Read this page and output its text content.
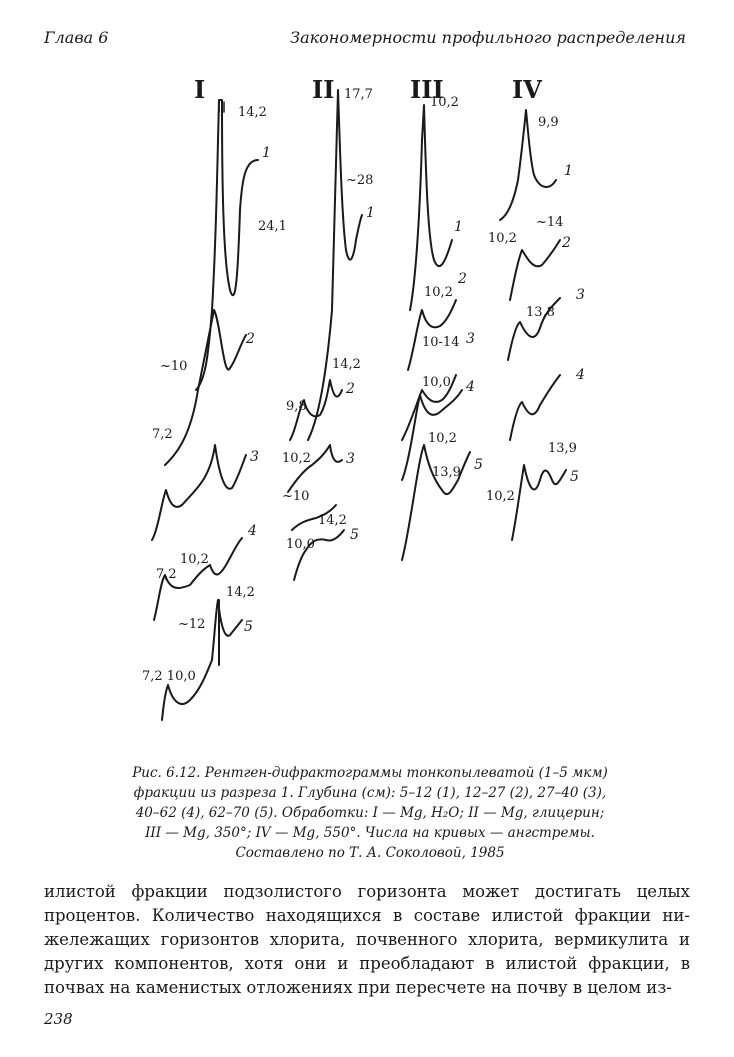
Глава 6	Закономерности профильного распределения
I	II	III	IV
14,2
24,1
~10
7,2
10,2
7,2
14,2
~12
7,2 10,0
1
2
3
4
5
17,7
~28
14,2
9,8
10,2
~10
14,2
10,0
1
2
3
5
10,2
10,2
10-14
10,0
10,2
13,9
1
2
3
4
5
9,9
~14
10,2
13,8
13,9
10,2
1
2
3
4
5
Рис. 6.12. Рентген-дифрактограммы тонкопылеватой (1–5 мкм)
фракции из разреза 1. Глубина (см): 5–12 (1), 12–27 (2), 27–40 (3),
40–62 (4), 62–70 (5). Обработки: I — Mg, H₂O; II — Mg, глицерин;
III — Mg, 350°; IV — Mg, 550°. Числа на кривых — ангстремы.
Составлено по Т. А. Соколовой, 1985
илистой фракции подзолистого горизонта может достигать целых
процентов. Количество находящихся в составе илистой фракции ни-
жележащих горизонтов хлорита, почвенного хлорита, вермикулита и
других компонентов, хотя они и преобладают в илистой фракции, в
почвах на каменистых отложениях при пересчете на почву в целом из-
238
